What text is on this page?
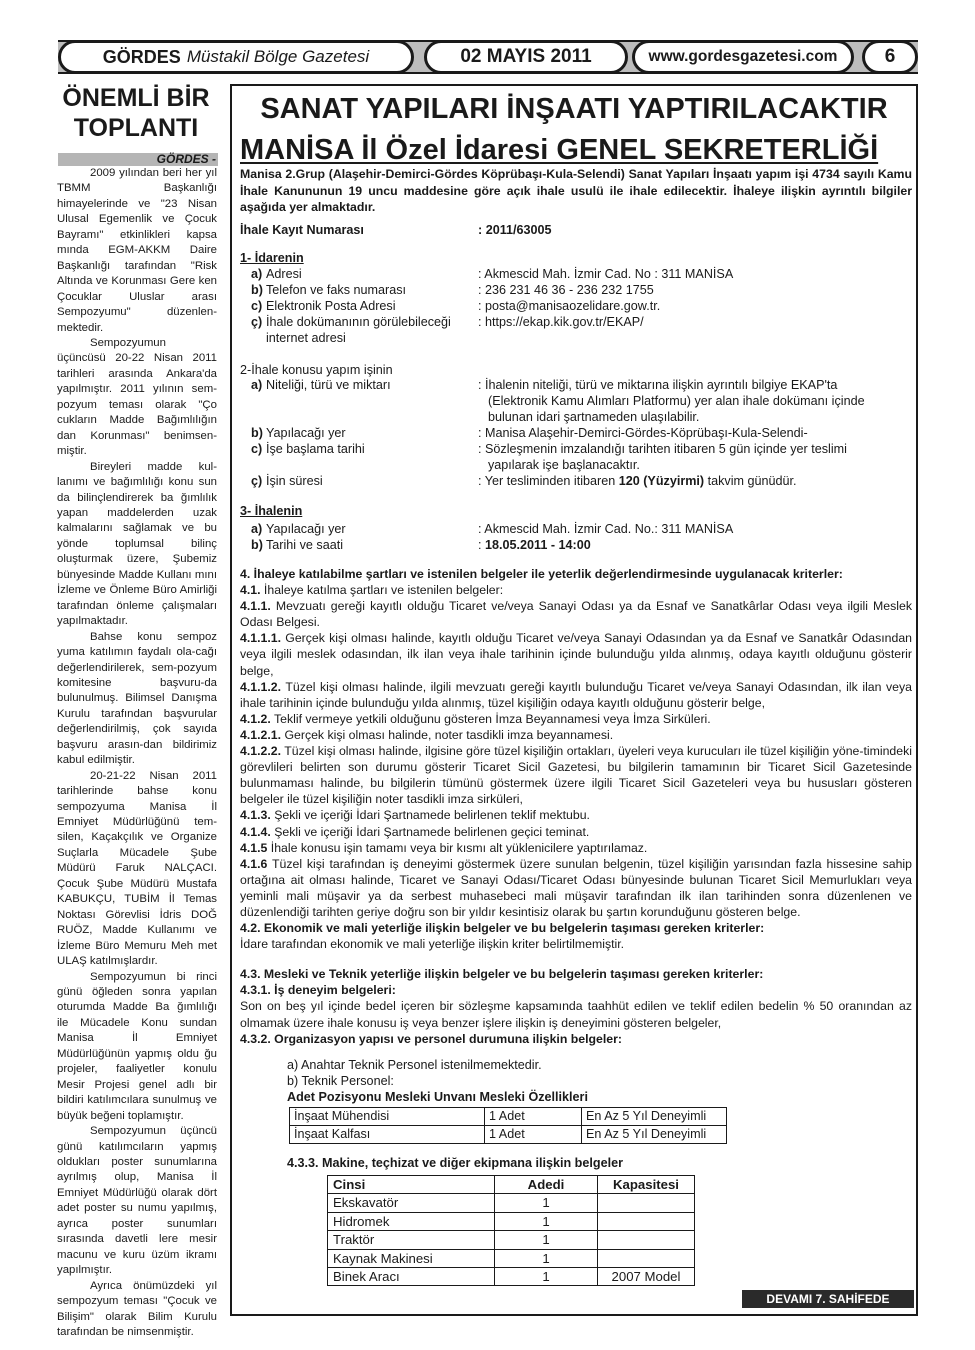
GÖRDES Müstakil Bölge Gazetesi	02 MAYIS 2011	www.gordesgazetesi.com	6
ÖNEMLİ BİR
TOPLANTI
GÖRDES -

2009 yılından beri her yıl TBMM Başkanlığı himayelerinde ve "23 Nisan Ulusal Egemenlik ve Çocuk Bayramı" etkinlikleri kapsa mında EGM-AKKM Daire Başkanlığı tarafından "Risk Altında ve Korunması Gere ken Çocuklar Uluslar arası Sempozyumu" düzenlen-mektedir.

Sempozyumun üçüncüsü 20-22 Nisan 2011 tarihleri arasında Ankara'da yapılmıştır. 2011 yılının sem-pozyum teması olarak "Ço cukların Madde Bağımlılığın dan Korunması" benimsen-miştir.

Bireyleri madde kul-lanımı ve bağımlılığı konu sun da bilinçlendirerek ba ğımlılık yapan maddelerden uzak kalmalarını sağlamak ve bu yönde toplumsal bilinç oluşturmak üzere, Şubemiz bünyesinde Madde Kullanı mını İzleme ve Önleme Büro Amirliği tarafından önleme çalışmaları yapılmaktadır.

Bahse konu sempoz yuma katılımın faydalı ola-cağı değerlendirilerek, sem-pozyum komitesine başvuru-da bulunulmuş. Bilimsel Danışma Kurulu tarafından başvurular değerlendirilmiş, çok sayıda başvuru arasın-dan bildirimiz kabul edilmiştir.

20-21-22 Nisan 2011 tarihlerinde bahse konu sempozyuma Manisa İl Emniyet Müdürlüğünü tem-silen, Kaçakçılık ve Organize Suçlarla Mücadele Şube Müdürü Faruk NALÇACI. Çocuk Şube Müdürü Mustafa KABUKÇU, TUBİM İl Temas Noktası Görevlisi İdris DOĞ RUÖZ, Madde Kullanımı ve İzleme Büro Memuru Meh met ULAŞ katılmışlardır.

Sempozyumun bi rinci günü öğleden sonra yapılan oturumda Madde Ba ğımlılığı ile Mücadele Konu sundan Manisa İl Emniyet Müdürlüğünün yapmış oldu ğu projeler, faaliyetler konulu Mesir Projesi genel adlı bir bildiri katılımcılara sunulmuş ve büyük beğeni toplamıştır.

Sempozyumun üçüncü günü katılımcıların yapmış oldukları poster sunumlarına ayrılmış olup, Manisa İl Emniyet Müdürlüğü olarak dört adet poster su numu yapılmış, ayrıca poster sunumları sırasında davetli lere mesir macunu ve kuru üzüm ikramı yapılmıştır.

Ayrıca önümüzdeki yıl sempozyum teması "Çocuk ve Bilişim" olarak Bilim Kurulu tarafından be nimsenmiştir.

SANAT YAPILARI İNŞAATI YAPTIRILACAKTIR
MANİSA İl Özel İdaresi GENEL SEKRETERLİĞİ
Manisa 2.Grup (Alaşehir-Demirci-Gördes Köprübaşı-Kula-Selendi) Sanat Yapıları İnşaatı yapım işi 4734 sayılı Kamu İhale Kanununun 19 uncu maddesine göre açık ihale usulü ile ihale edilecektir. İhaleye ilişkin ayrıntılı bilgiler aşağıda yer almaktadır.
İhale Kayıt Numarası	: 2011/63005
1- İdarenin
a) Adresi	: Akmescid Mah. İzmir Cad. No : 311 MANİSA
b) Telefon ve faks numarası	: 236 231 46 36 - 236 232 1755
c) Elektronik Posta Adresi	: posta@manisaozelidare.gow.tr.
ç) İhale dokümanının görülebileceği
internet adresi
: https://ekap.kik.gov.tr/EKAP/
2-İhale konusu yapım işinin
a) Niteliği, türü ve miktarı	: İhalenin niteliği, türü ve miktarına ilişkin ayrıntılı bilgiye EKAP'ta
(Elektronik Kamu Alımları Platformu) yer alan ihale dokümanı içinde
bulunan idari şartnameden ulaşılabilir.
b) Yapılacağı yer	: Manisa Alaşehir-Demirci-Gördes-Köprübaşı-Kula-Selendi-
c) İşe başlama tarihi	: Sözleşmenin imzalandığı tarihten itibaren 5 gün içinde yer teslimi
yapılarak işe başlanacaktır.
ç) İşin süresi	: Yer tesliminden itibaren 120 (Yüzyirmi) takvim günüdür.
3- İhalenin
a) Yapılacağı yer	: Akmescid Mah. İzmir Cad. No.: 311 MANİSA
b) Tarihi ve saati	: 18.05.2011 - 14:00

4. İhaleye katılabilme şartları ve istenilen belgeler ile yeterlik değerlendirmesinde uygulanacak kriterler:

4.1. İhaleye katılma şartları ve istenilen belgeler:

4.1.1. Mevzuatı gereği kayıtlı olduğu Ticaret ve/veya Sanayi Odası ya da Esnaf ve Sanatkârlar Odası veya ilgili Meslek Odası Belgesi.

4.1.1.1. Gerçek kişi olması halinde, kayıtlı olduğu Ticaret ve/veya Sanayi Odasından ya da Esnaf ve Sanatkâr Odasından veya ilgili meslek odasından, ilk ilan veya ihale tarihinin içinde bulunduğu yılda alınmış, odaya kayıtlı olduğunu gösterir belge,

4.1.1.2. Tüzel kişi olması halinde, ilgili mevzuatı gereği kayıtlı bulunduğu Ticaret ve/veya Sanayi Odasından, ilk ilan veya ihale tarihinin içinde bulunduğu yılda alınmış, tüzel kişiliğin odaya kayıtlı olduğunu gösterir belge,

4.1.2. Teklif vermeye yetkili olduğunu gösteren İmza Beyannamesi veya İmza Sirküleri.

4.1.2.1. Gerçek kişi olması halinde, noter tasdikli imza beyannamesi.

4.1.2.2. Tüzel kişi olması halinde, ilgisine göre tüzel kişiliğin ortakları, üyeleri veya kurucuları ile tüzel kişiliğin yöne-timindeki görevlileri belirten son durumu gösterir Ticaret Sicil Gazetesi, bu bilgilerin tamamının bir Ticaret Sicil Gazetesinde bulunmaması halinde, bu bilgilerin tümünü göstermek üzere ilgili Ticaret Sicil Gazeteleri veya bu hususları gösteren belgeler ile tüzel kişiliğin noter tasdikli imza sirküleri,

4.1.3. Şekli ve içeriği İdari Şartnamede belirlenen teklif mektubu.

4.1.4. Şekli ve içeriği İdari Şartnamede belirlenen geçici teminat.

4.1.5 İhale konusu işin tamamı veya bir kısmı alt yüklenicilere yaptırılamaz.

4.1.6 Tüzel kişi tarafından iş deneyimi göstermek üzere sunulan belgenin, tüzel kişiliğin yarısından fazla hissesine sahip ortağına ait olması halinde, Ticaret ve Sanayi Odası/Ticaret Odası bünyesinde bulunan Ticaret Sicil Memurlukları veya yeminli mali müşavir ya da serbest muhasebeci mali müşavir tarafından ilk ilan tarihinden sonra düzenlenen ve düzenlendiği tarihten geriye doğru son bir yıldır kesintisiz olarak bu şartın korunduğunu gösteren belge.

4.2. Ekonomik ve mali yeterliğe ilişkin belgeler ve bu belgelerin taşıması gereken kriterler:

İdare tarafından ekonomik ve mali yeterliğe ilişkin kriter belirtilmemiştir.

4.3. Mesleki ve Teknik yeterliğe ilişkin belgeler ve bu belgelerin taşıması gereken kriterler:

4.3.1. İş deneyim belgeleri:

Son on beş yıl içinde bedel içeren bir sözleşme kapsamında taahhüt edilen ve teklif edilen bedelin % 50 oranından az olmamak üzere ihale konusu iş veya benzer işlere ilişkin iş deneyimini gösteren belgeler,

4.3.2. Organizasyon yapısı ve personel durumuna ilişkin belgeler:

a) Anahtar Teknik Personel istenilmemektedir.
b) Teknik Personel:
Adet Pozisyonu Mesleki Unvanı Mesleki Özellikleri
İnşaat Mühendisi	1 Adet	En Az 5 Yıl Deneyimli
İnşaat Kalfası	1 Adet	En Az 5 Yıl Deneyimli
4.3.3. Makine, teçhizat ve diğer ekipmana ilişkin belgeler
Cinsi	Adedi	Kapasitesi
Ekskavatör	1	
Hidromek	1	
Traktör	1	
Kaynak Makinesi	1	
Binek Aracı	1	2007 Model
DEVAMI 7. SAHİFEDE
